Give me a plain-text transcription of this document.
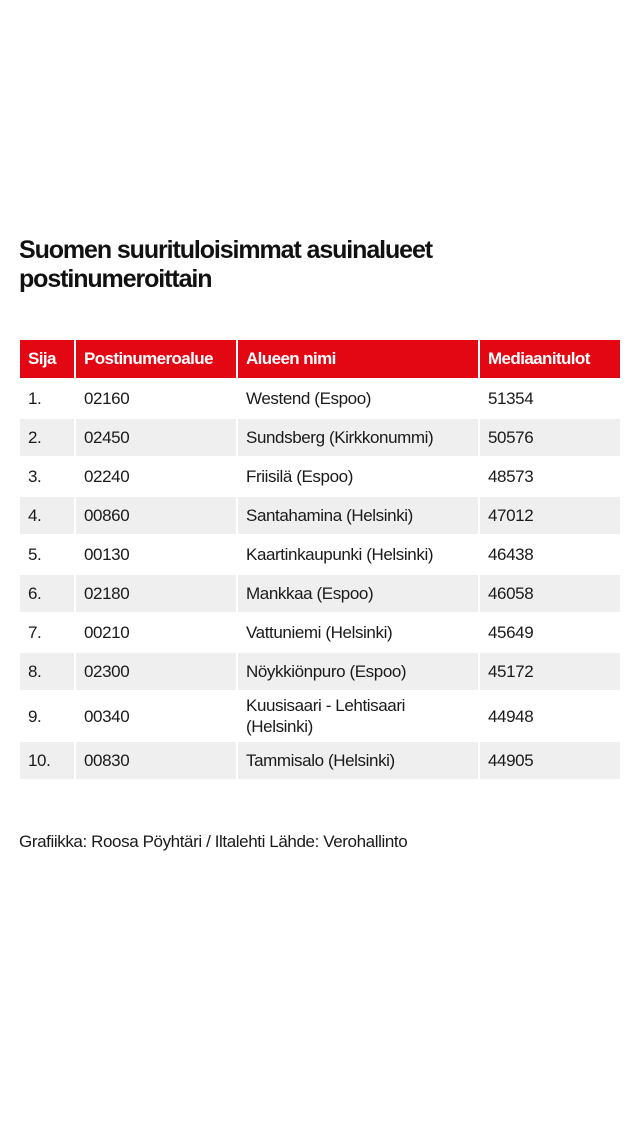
Suomen suurituloisimmat asuinalueet postinumeroittain
Sija	Postinumeroalue	Alueen nimi	Mediaanitulot
1.	02160	Westend (Espoo)	51354
2.	02450	Sundsberg (Kirkkonummi)	50576
3.	02240	Friisilä (Espoo)	48573
4.	00860	Santahamina (Helsinki)	47012
5.	00130	Kaartinkaupunki (Helsinki)	46438
6.	02180	Mankkaa (Espoo)	46058
7.	00210	Vattuniemi (Helsinki)	45649
8.	02300	Nöykkiönpuro (Espoo)	45172
9.	00340	Kuusisaari - Lehtisaari (Helsinki)	44948
10.	00830	Tammisalo (Helsinki)	44905
Grafiikka: Roosa Pöyhtäri / Iltalehti Lähde: Verohallinto
